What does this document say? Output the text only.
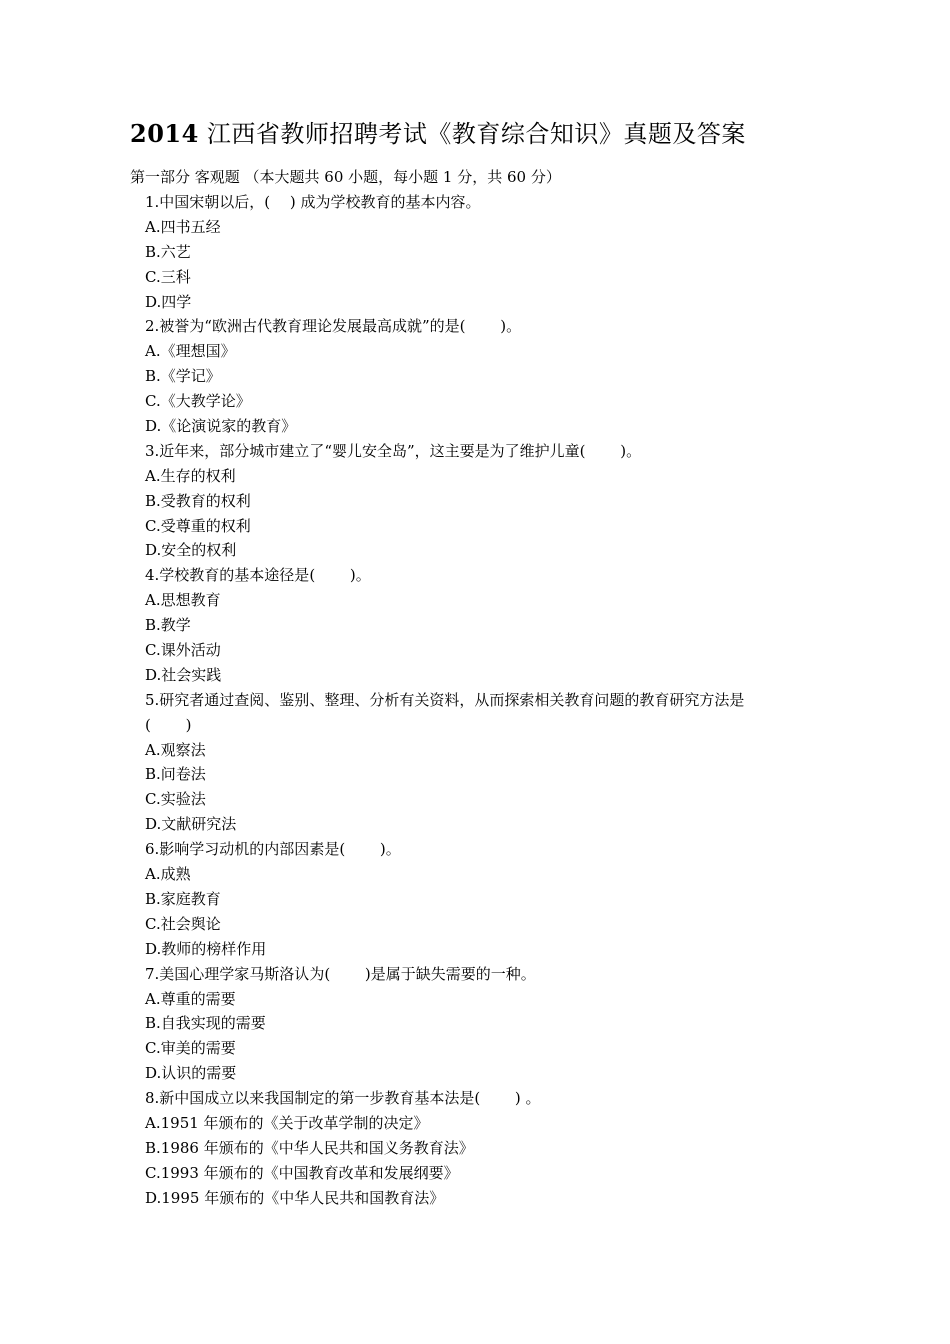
2014 江西省教师招聘考试《教育综合知识》真题及答案
第一部分 客观题 （本大题共 60 小题，每小题 1 分，共 60 分）
1.中国宋朝以后，(　 ) 成为学校教育的基本内容。
A.四书五经
B.六艺
C.三科
D.四学
2.被誉为“欧洲古代教育理论发展最高成就”的是(　 　)。
A.《理想国》
B.《学记》
C.《大教学论》
D.《论演说家的教育》
3.近年来，部分城市建立了“婴儿安全岛”，这主要是为了维护儿童(　 　)。
A.生存的权利
B.受教育的权利
C.受尊重的权利
D.安全的权利
4.学校教育的基本途径是(　 　)。
A.思想教育
B.教学
C.课外活动
D.社会实践
5.研究者通过查阅、鉴别、整理、分析有关资料，从而探索相关教育问题的教育研究方法是
(　 　)
A.观察法
B.问卷法
C.实验法
D.文献研究法
6.影响学习动机的内部因素是(　 　)。
A.成熟
B.家庭教育
C.社会舆论
D.教师的榜样作用
7.美国心理学家马斯洛认为(　 　)是属于缺失需要的一种。
A.尊重的需要
B.自我实现的需要
C.审美的需要
D.认识的需要
8.新中国成立以来我国制定的第一步教育基本法是(　 　) 。
A.1951 年颁布的《关于改革学制的决定》
B.1986 年颁布的《中华人民共和国义务教育法》
C.1993 年颁布的《中国教育改革和发展纲要》
D.1995 年颁布的《中华人民共和国教育法》
